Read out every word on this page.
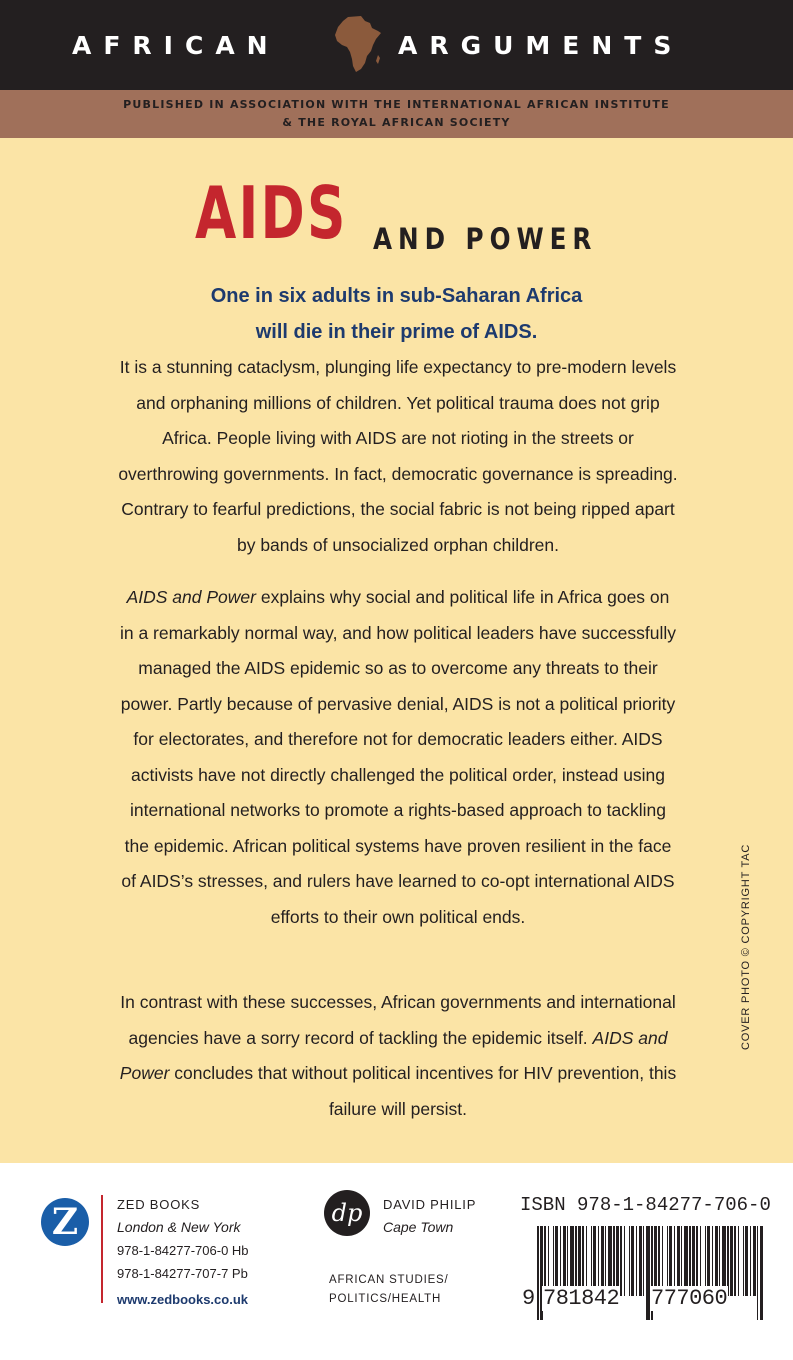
AFRICAN	ARGUMENTS
PUBLISHED IN ASSOCIATION WITH THE INTERNATIONAL AFRICAN INSTITUTE
& THE ROYAL AFRICAN SOCIETY
AIDS AND POWER
One in six adults in sub-Saharan Africa
will die in their prime of AIDS.
It is a stunning cataclysm, plunging life expectancy to pre-modern levels and orphaning millions of children. Yet political trauma does not grip Africa. People living with AIDS are not rioting in the streets or overthrowing governments. In fact, democratic governance is spreading. Contrary to fearful predictions, the social fabric is not being ripped apart by bands of unsocialized orphan children.
AIDS and Power explains why social and political life in Africa goes on in a remarkably normal way, and how political leaders have successfully managed the AIDS epidemic so as to overcome any threats to their power. Partly because of pervasive denial, AIDS is not a political priority for electorates, and therefore not for democratic leaders either. AIDS activists have not directly challenged the political order, instead using international networks to promote a rights-based approach to tackling the epidemic. African political systems have proven resilient in the face of AIDS’s stresses, and rulers have learned to co-opt international AIDS efforts to their own political ends.
In contrast with these successes, African governments and international agencies have a sorry record of tackling the epidemic itself. AIDS and Power concludes that without political incentives for HIV prevention, this failure will persist.
COVER PHOTO © COPYRIGHT TAC
Z	ZED BOOKS
London & New York
978-1-84277-706-0 Hb
978-1-84277-707-7 Pb
www.zedbooks.co.uk
dp	DAVID PHILIP
Cape Town
AFRICAN STUDIES/
POLITICS/HEALTH
ISBN 978-1-84277-706-0
9 781842 777060
